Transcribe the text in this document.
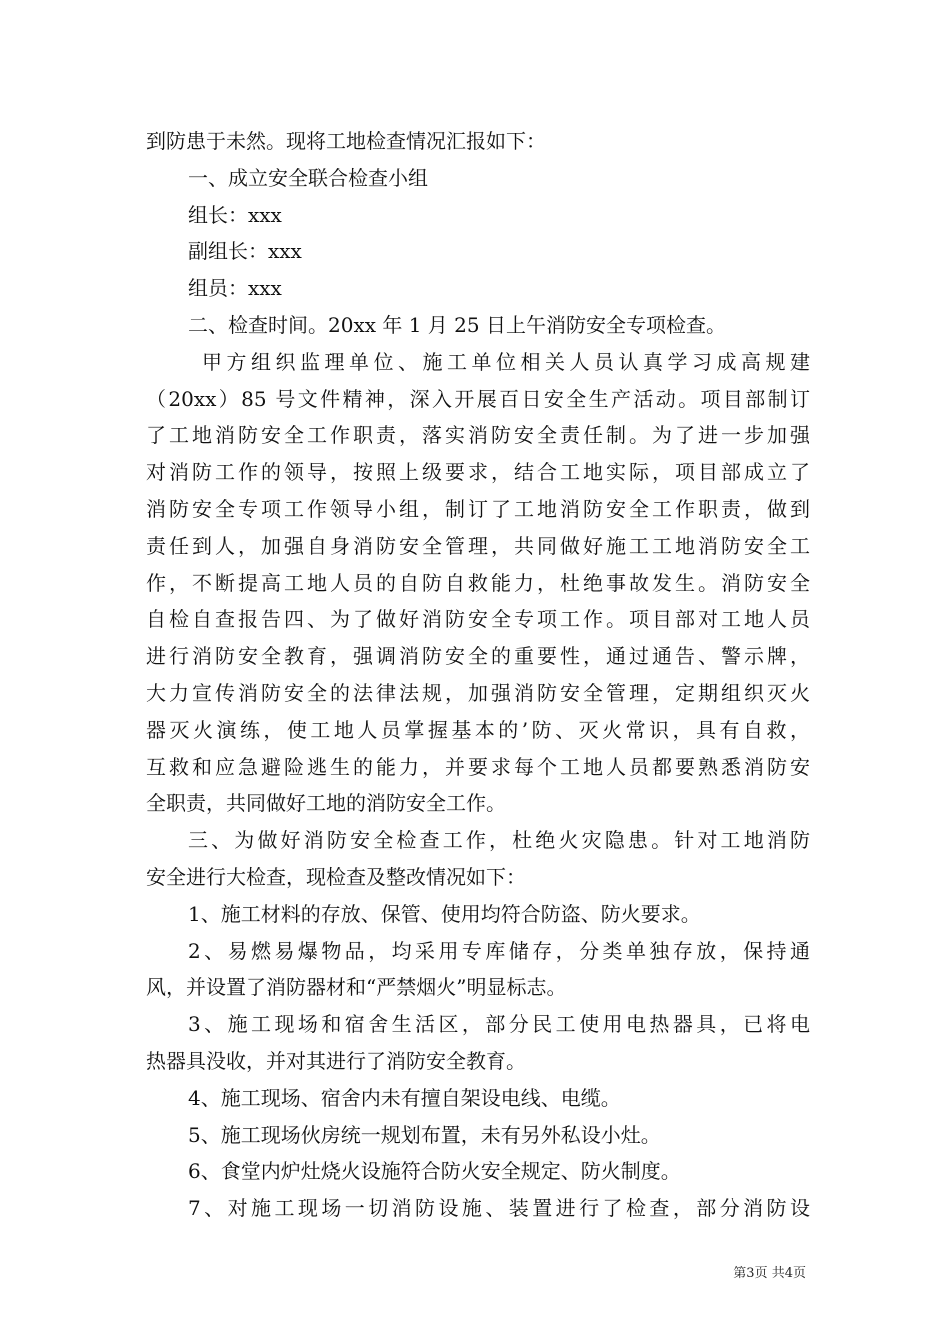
到防患于未然。现将工地检查情况汇报如下：
一、成立安全联合检查小组
组长：xxx
副组长：xxx
组员：xxx
二、检查时间。20xx 年 1 月 25 日上午消防安全专项检查。
甲方组织监理单位、施工单位相关人员认真学习成高规建
（20xx）85 号文件精神，深入开展百日安全生产活动。项目部制订
了工地消防安全工作职责，落实消防安全责任制。为了进一步加强
对消防工作的领导，按照上级要求，结合工地实际，项目部成立了
消防安全专项工作领导小组，制订了工地消防安全工作职责，做到
责任到人，加强自身消防安全管理，共同做好施工工地消防安全工
作，不断提高工地人员的自防自救能力，杜绝事故发生。消防安全
自检自查报告四、为了做好消防安全专项工作。项目部对工地人员
进行消防安全教育，强调消防安全的重要性，通过通告、警示牌，
大力宣传消防安全的法律法规，加强消防安全管理，定期组织灭火
器灭火演练，使工地人员掌握基本的’防、灭火常识，具有自救，
互救和应急避险逃生的能力，并要求每个工地人员都要熟悉消防安
全职责，共同做好工地的消防安全工作。
三、为做好消防安全检查工作，杜绝火灾隐患。针对工地消防
安全进行大检查，现检查及整改情况如下：
1、施工材料的存放、保管、使用均符合防盗、防火要求。
2、易燃易爆物品，均采用专库储存，分类单独存放，保持通
风，并设置了消防器材和“严禁烟火”明显标志。
3、施工现场和宿舍生活区，部分民工使用电热器具，已将电
热器具没收，并对其进行了消防安全教育。
4、施工现场、宿舍内未有擅自架设电线、电缆。
5、施工现场伙房统一规划布置，未有另外私设小灶。
6、食堂内炉灶烧火设施符合防火安全规定、防火制度。
7、对施工现场一切消防设施、装置进行了检查，部分消防设
第3页 共4页
